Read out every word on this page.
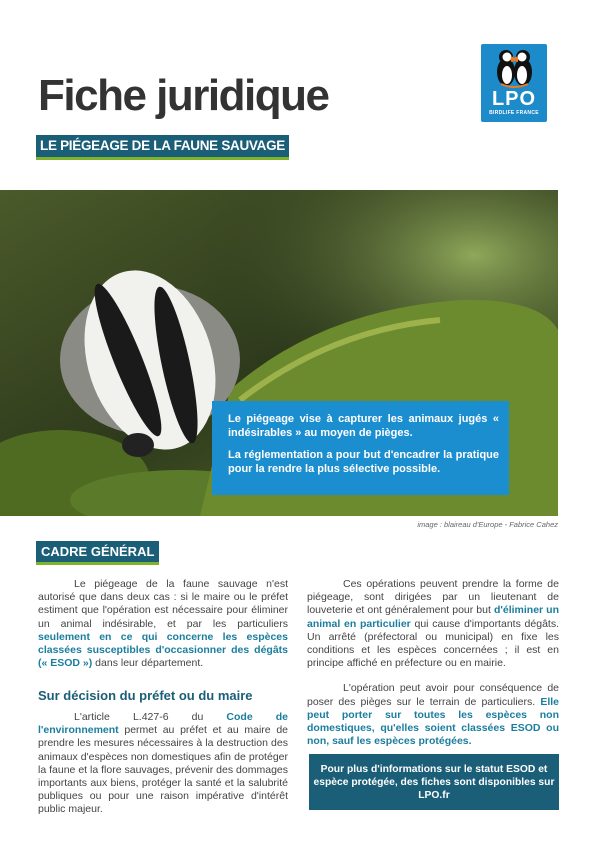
Fiche juridique
LE PIÉGEAGE DE LA FAUNE SAUVAGE
LPO
BIRDLIFE FRANCE
image : blaireau d'Europe - Fabrice Cahez

Le piégeage vise à capturer les animaux jugés « indésirables » au moyen de pièges.

La réglementation a pour but d'encadrer la pratique pour la rendre la plus sélective possible.

CADRE GÉNÉRAL

Le piégeage de la faune sauvage n'est autorisé que dans deux cas : si le maire ou le préfet estiment que l'opération est nécessaire pour éliminer un animal indésirable, et par les particuliers seulement en ce qui concerne les espèces classées susceptibles d'occasionner des dégâts (« ESOD ») dans leur département.

Sur décision du préfet ou du maire

L'article L.427-6 du Code de l'environnement permet au préfet et au maire de prendre les mesures nécessaires à la destruction des animaux d'espèces non domestiques afin de protéger la faune et la flore sauvages, prévenir des dommages importants aux biens, protéger la santé et la salubrité publiques ou pour une raison impérative d'intérêt public majeur.

Ces opérations peuvent prendre la forme de piégeage, sont dirigées par un lieutenant de louveterie et ont généralement pour but d'éliminer un animal en particulier qui cause d'importants dégâts. Un arrêté (préfectoral ou municipal) en fixe les conditions et les espèces concernées ; il est en principe affiché en préfecture ou en mairie.

L'opération peut avoir pour conséquence de poser des pièges sur le terrain de particuliers. Elle peut porter sur toutes les espèces non domestiques, qu'elles soient classées ESOD ou non, sauf les espèces protégées.

Pour plus d'informations sur le statut ESOD et espèce protégée, des fiches sont disponibles sur LPO.fr
